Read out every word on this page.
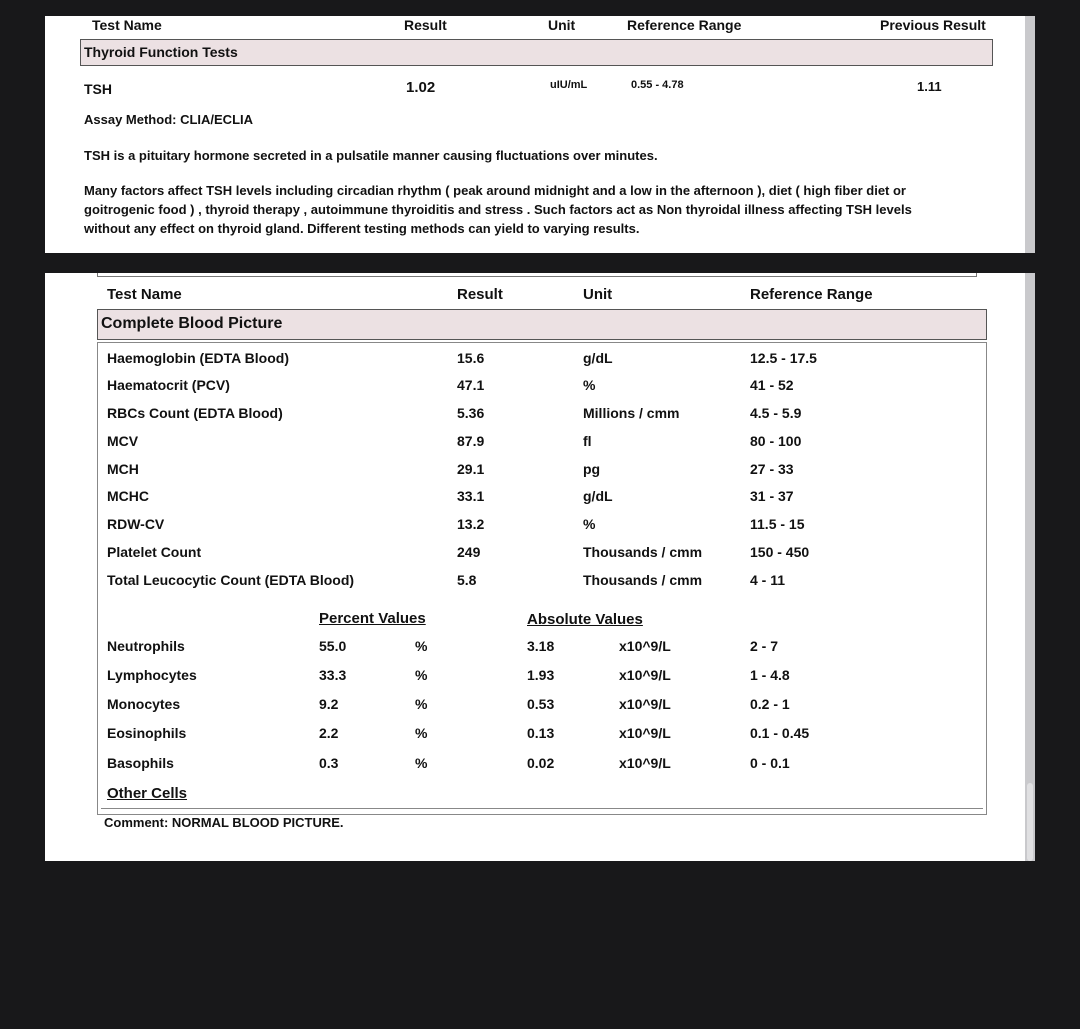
Test Name	Result	Unit	Reference Range	Previous Result
Thyroid Function Tests
TSH	1.02	uIU/mL	0.55 - 4.78	1.11
Assay Method: CLIA/ECLIA
TSH is a pituitary hormone secreted in a pulsatile manner causing fluctuations over minutes.
Many factors affect TSH levels including circadian rhythm ( peak around midnight and a low in the afternoon ), diet ( high fiber diet or
goitrogenic food ) , thyroid therapy , autoimmune thyroiditis and stress . Such factors act as Non thyroidal illness affecting TSH levels
without any effect on thyroid gland. Different testing methods can yield to varying results.
Test Name	Result	Unit	Reference Range
Complete Blood Picture
Haemoglobin (EDTA Blood)	15.6	g/dL	12.5 - 17.5
Haematocrit (PCV)	47.1	%	41 - 52
RBCs Count (EDTA Blood)	5.36	Millions / cmm	4.5 - 5.9
MCV	87.9	fl	80 - 100
MCH	29.1	pg	27 - 33
MCHC	33.1	g/dL	31 - 37
RDW-CV	13.2	%	11.5 - 15
Platelet Count	249	Thousands / cmm	150 - 450
Total Leucocytic Count (EDTA Blood)	5.8	Thousands / cmm	4 - 11
Percent Values	Absolute Values
Neutrophils	55.0	%	3.18	x10^9/L	2 - 7
Lymphocytes	33.3	%	1.93	x10^9/L	1 - 4.8
Monocytes	9.2	%	0.53	x10^9/L	0.2 - 1
Eosinophils	2.2	%	0.13	x10^9/L	0.1 - 0.45
Basophils	0.3	%	0.02	x10^9/L	0 - 0.1
Other Cells
Comment: NORMAL BLOOD PICTURE.
